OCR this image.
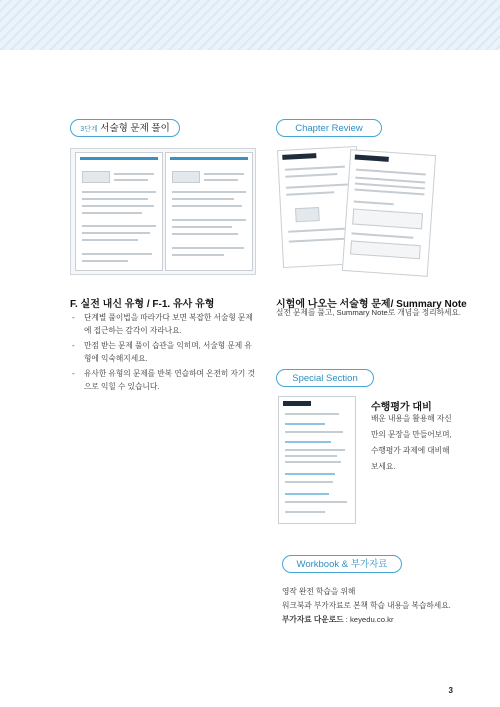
3단계 서술형 문제 풀이	Chapter Review
F. 실전 내신 유형 / F-1. 유사 유형
- 단계별 풀이법을 따라가다 보면 복잡한 서술형 문제에 접근하는 감각이 자라나요.
- 만점 받는 문제 풀이 습관을 익히며, 서술형 문제 유형에 익숙해지세요.
- 유사한 유형의 문제를 반복 연습하며 온전히 자기 것으로 익힐 수 있습니다.
시험에 나오는 서술형 문제/ Summary Note
실전 문제를 풀고, Summary Note로 개념을 정리하세요.
Special Section
수행평가 대비
배운 내용을 활용해 자신만의 문장을 만들어보며, 수행평가 과제에 대비해 보세요.
Workbook & 부가자료
영작 완전 학습을 위해
워크북과 부가자료로 본책 학습 내용을 복습하세요.
부가자료 다운로드 : keyedu.co.kr
3
